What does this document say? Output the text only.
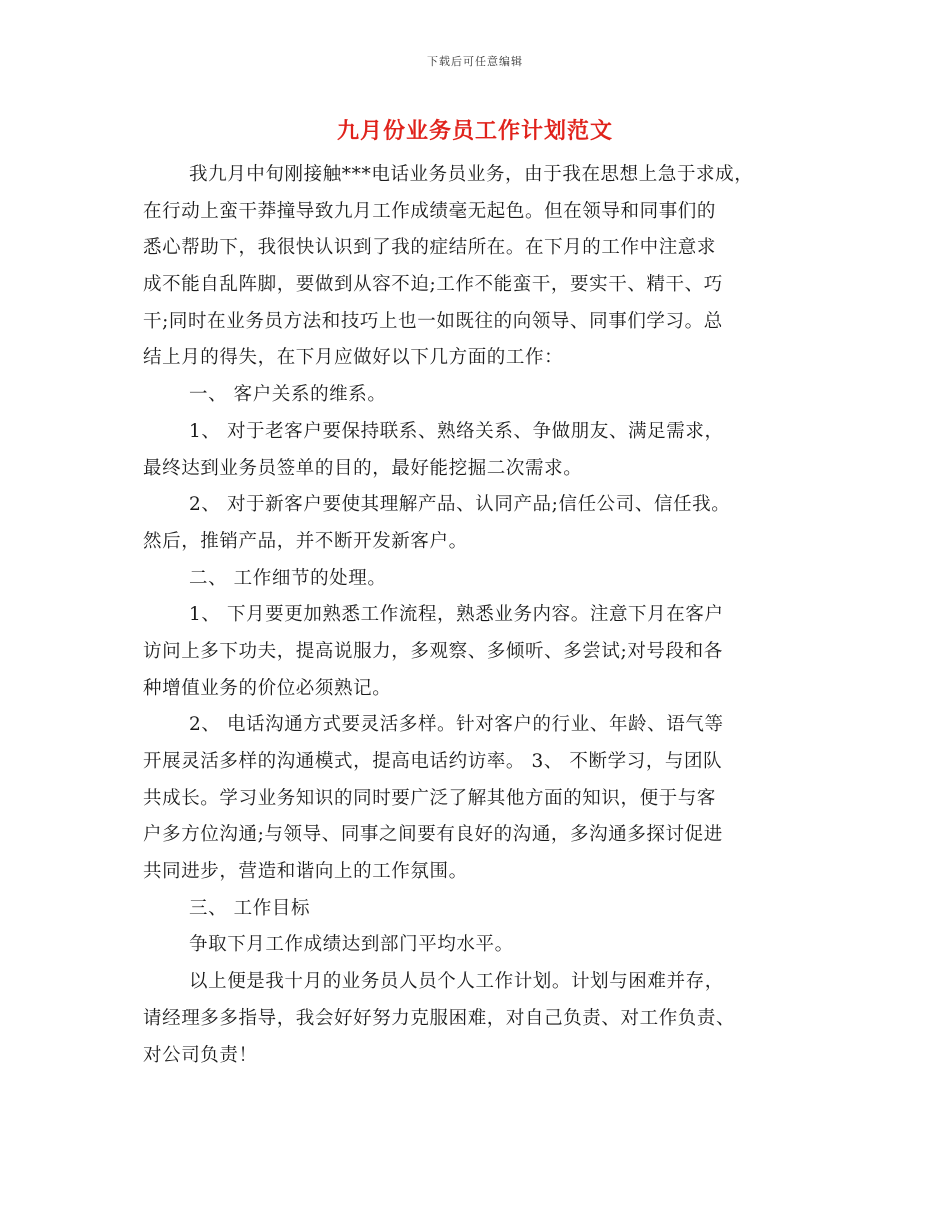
下载后可任意编辑
九月份业务员工作计划范文
我九月中旬刚接触***电话业务员业务，由于我在思想上急于求成，
在行动上蛮干莽撞导致九月工作成绩毫无起色。但在领导和同事们的
悉心帮助下，我很快认识到了我的症结所在。在下月的工作中注意求
成不能自乱阵脚，要做到从容不迫;工作不能蛮干，要实干、精干、巧
干;同时在业务员方法和技巧上也一如既往的向领导、同事们学习。总
结上月的得失，在下月应做好以下几方面的工作：
一、 客户关系的维系。
1、 对于老客户要保持联系、熟络关系、争做朋友、满足需求，
最终达到业务员签单的目的，最好能挖掘二次需求。
2、 对于新客户要使其理解产品、认同产品;信任公司、信任我。
然后，推销产品，并不断开发新客户。
二、 工作细节的处理。
1、 下月要更加熟悉工作流程，熟悉业务内容。注意下月在客户
访问上多下功夫，提高说服力，多观察、多倾听、多尝试;对号段和各
种增值业务的价位必须熟记。
2、 电话沟通方式要灵活多样。针对客户的行业、年龄、语气等
开展灵活多样的沟通模式，提高电话约访率。 3、 不断学习，与团队
共成长。学习业务知识的同时要广泛了解其他方面的知识，便于与客
户多方位沟通;与领导、同事之间要有良好的沟通，多沟通多探讨促进
共同进步，营造和谐向上的工作氛围。
三、 工作目标
争取下月工作成绩达到部门平均水平。
以上便是我十月的业务员人员个人工作计划。计划与困难并存，
请经理多多指导，我会好好努力克服困难，对自己负责、对工作负责、
对公司负责！
